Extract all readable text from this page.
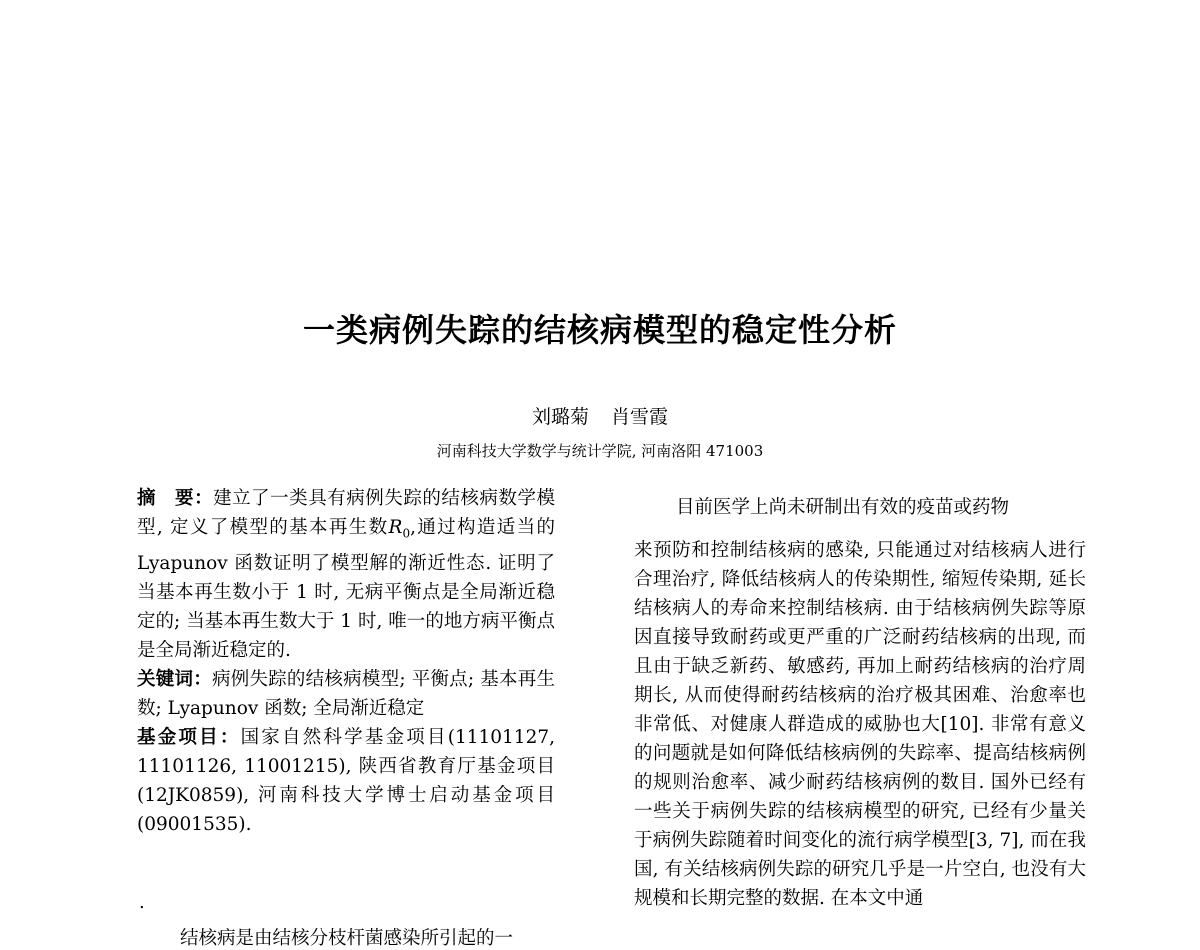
一类病例失踪的结核病模型的稳定性分析
刘璐菊 肖雪霞
河南科技大学数学与统计学院, 河南洛阳 471003

摘　要：建立了一类具有病例失踪的结核病数学模型, 定义了模型的基本再生数$R_0$,通过构造适当的 Lyapunov 函数证明了模型解的渐近性态. 证明了当基本再生数小于 1 时, 无病平衡点是全局渐近稳定的; 当基本再生数大于 1 时, 唯一的地方病平衡点是全局渐近稳定的.

关键词：病例失踪的结核病模型; 平衡点; 基本再生数; Lyapunov 函数; 全局渐近稳定

基金项目：国家自然科学基金项目(11101127, 11101126, 11001215), 陕西省教育厅基金项目(12JK0859), 河南科技大学博士启动基金项目(09001535).

.
结核病是由结核分枝杆菌感染所引起的一
目前医学上尚未研制出有效的疫苗或药物
来预防和控制结核病的感染, 只能通过对结核病人进行合理治疗, 降低结核病人的传染期性, 缩短传染期, 延长结核病人的寿命来控制结核病. 由于结核病例失踪等原因直接导致耐药或更严重的广泛耐药结核病的出现, 而且由于缺乏新药、敏感药, 再加上耐药结核病的治疗周期长, 从而使得耐药结核病的治疗极其困难、治愈率也非常低、对健康人群造成的威胁也大[10]. 非常有意义的问题就是如何降低结核病例的失踪率、提高结核病例的规则治愈率、减少耐药结核病例的数目. 国外已经有一些关于病例失踪的结核病模型的研究, 已经有少量关于病例失踪随着时间变化的流行病学模型[3, 7], 而在我国, 有关结核病例失踪的研究几乎是一片空白, 也没有大规模和长期完整的数据. 在本文中通
